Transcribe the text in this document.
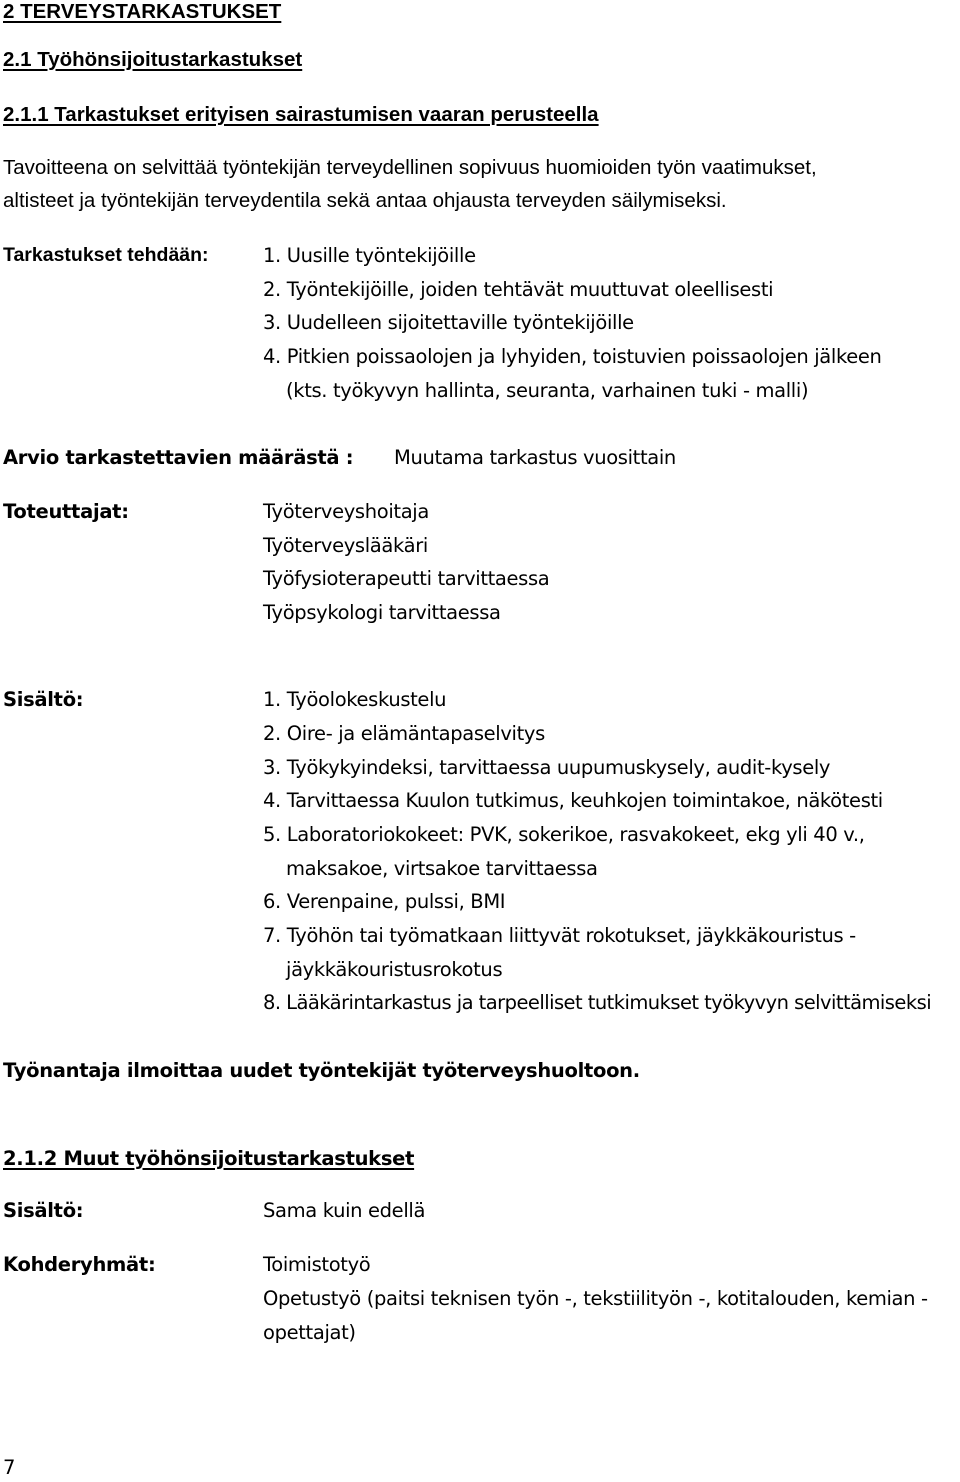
2 TERVEYSTARKASTUKSET
2.1 Työhönsijoitustarkastukset
2.1.1 Tarkastukset erityisen sairastumisen vaaran perusteella
Tavoitteena on selvittää työntekijän terveydellinen sopivuus huomioiden työn vaatimukset,
altisteet ja työntekijän terveydentila sekä antaa ohjausta terveyden säilymiseksi.
Tarkastukset tehdään:	1. Uusille työntekijöille
2. Työntekijöille, joiden tehtävät muuttuvat oleellisesti
3. Uudelleen sijoitettaville työntekijöille
4. Pitkien poissaolojen ja lyhyiden, toistuvien poissaolojen jälkeen
(kts. työkyvyn hallinta, seuranta, varhainen tuki - malli)
Arvio tarkastettavien määrästä : Muutama tarkastus vuosittain
Toteuttajat:	Työterveyshoitaja
Työterveyslääkäri
Työfysioterapeutti tarvittaessa
Työpsykologi tarvittaessa
Sisältö:	1. Työolokeskustelu
2. Oire- ja elämäntapaselvitys
3. Työkykyindeksi, tarvittaessa uupumuskysely, audit-kysely
4. Tarvittaessa Kuulon tutkimus, keuhkojen toimintakoe, näkötesti
5. Laboratoriokokeet: PVK, sokerikoe, rasvakokeet, ekg yli 40 v.,
maksakoe, virtsakoe tarvittaessa
6. Verenpaine, pulssi, BMI
7. Työhön tai työmatkaan liittyvät rokotukset, jäykkäkouristus -
jäykkäkouristusrokotus
8. Lääkärintarkastus ja tarpeelliset tutkimukset työkyvyn selvittämiseksi
Työnantaja ilmoittaa uudet työntekijät työterveyshuoltoon.
2.1.2 Muut työhönsijoitustarkastukset
Sisältö:	Sama kuin edellä
Kohderyhmät:	Toimistotyö
Opetustyö (paitsi teknisen työn -, tekstiilityön -, kotitalouden, kemian -
opettajat)
7
